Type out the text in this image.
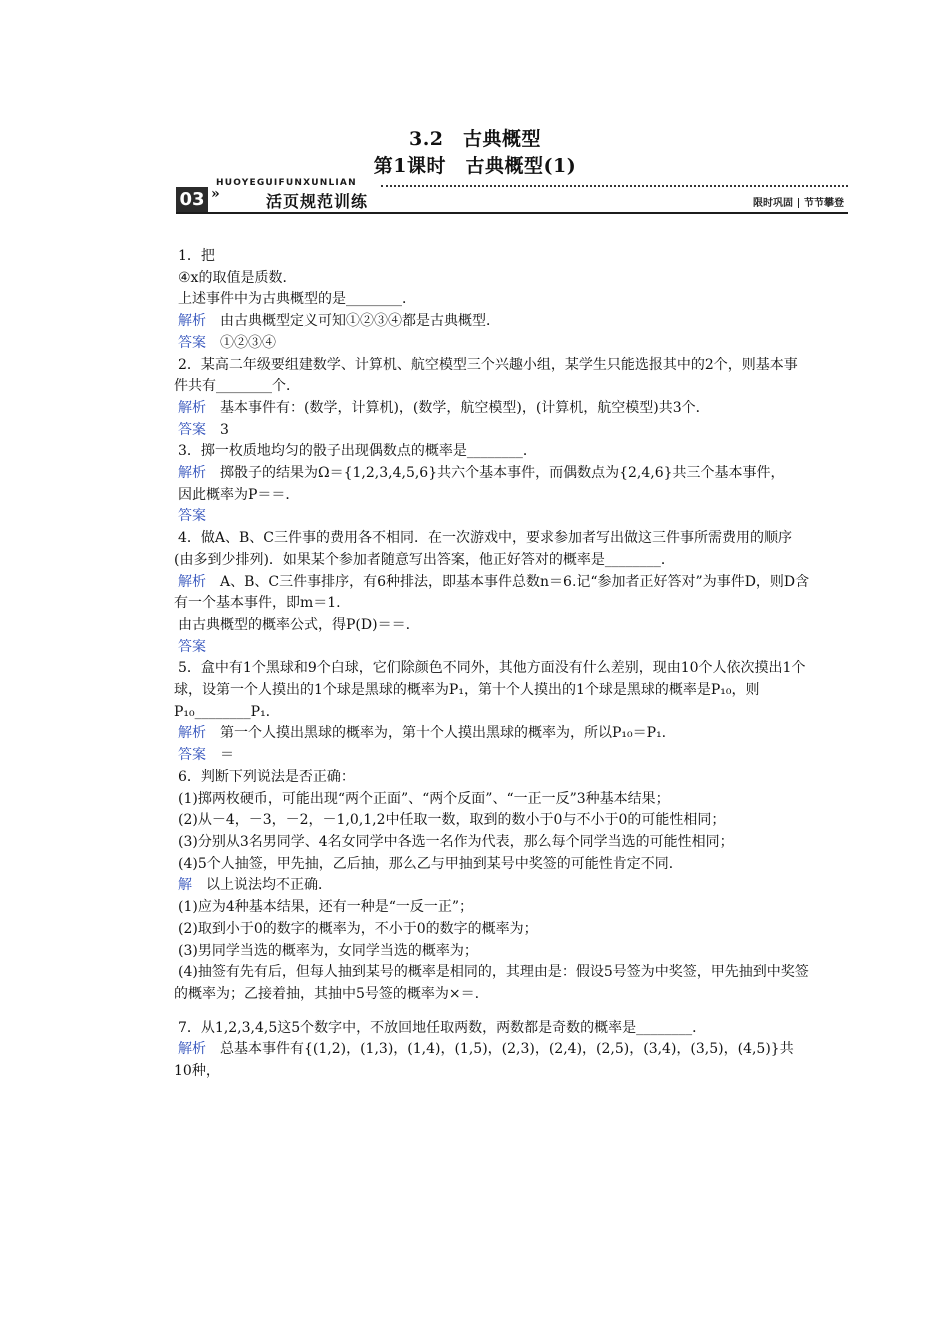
3.2　古典概型
第1课时　古典概型(1)
HUOYEGUIFUNXUNLIAN
03 »	活页规范训练	限时巩固 节节攀登
1．把
④x的取值是质数．
上述事件中为古典概型的是________．
解析　由古典概型定义可知①②③④都是古典概型．
答案　①②③④
2．某高二年级要组建数学、计算机、航空模型三个兴趣小组，某学生只能选报其中的2个，则基本事件共有________个．
解析　基本事件有：(数学，计算机)，(数学，航空模型)，(计算机，航空模型)共3个．
答案　3
3．掷一枚质地均匀的骰子出现偶数点的概率是________．
解析　掷骰子的结果为Ω＝{1,2,3,4,5,6}共六个基本事件，而偶数点为{2,4,6}共三个基本事件，
因此概率为P＝＝．
答案
4．做A、B、C三件事的费用各不相同．在一次游戏中，要求参加者写出做这三件事所需费用的顺序(由多到少排列)．如果某个参加者随意写出答案，他正好答对的概率是________．
解析　A、B、C三件事排序，有6种排法，即基本事件总数n＝6.记“参加者正好答对”为事件D，则D含有一个基本事件，即m＝1.
由古典概型的概率公式，得P(D)＝＝.
答案
5．盒中有1个黑球和9个白球，它们除颜色不同外，其他方面没有什么差别，现由10个人依次摸出1个球，设第一个人摸出的1个球是黑球的概率为P₁，第十个人摸出的1个球是黑球的概率是P₁₀，则P₁₀________P₁.
解析　第一个人摸出黑球的概率为，第十个人摸出黑球的概率为，所以P₁₀＝P₁.
答案　＝
6．判断下列说法是否正确：
(1)掷两枚硬币，可能出现“两个正面”、“两个反面”、“一正一反”3种基本结果；
(2)从－4，－3，－2，－1,0,1,2中任取一数，取到的数小于0与不小于0的可能性相同；
(3)分别从3名男同学、4名女同学中各选一名作为代表，那么每个同学当选的可能性相同；
(4)5个人抽签，甲先抽，乙后抽，那么乙与甲抽到某号中奖签的可能性肯定不同．
解　以上说法均不正确．
(1)应为4种基本结果，还有一种是“一反一正”；
(2)取到小于0的数字的概率为，不小于0的数字的概率为；
(3)男同学当选的概率为，女同学当选的概率为；
(4)抽签有先有后，但每人抽到某号的概率是相同的，其理由是：假设5号签为中奖签，甲先抽到中奖签的概率为；乙接着抽，其抽中5号签的概率为×＝.
7．从1,2,3,4,5这5个数字中，不放回地任取两数，两数都是奇数的概率是________．
解析　总基本事件有{(1,2)，(1,3)，(1,4)，(1,5)，(2,3)，(2,4)，(2,5)，(3,4)，(3,5)，(4,5)}共10种，
